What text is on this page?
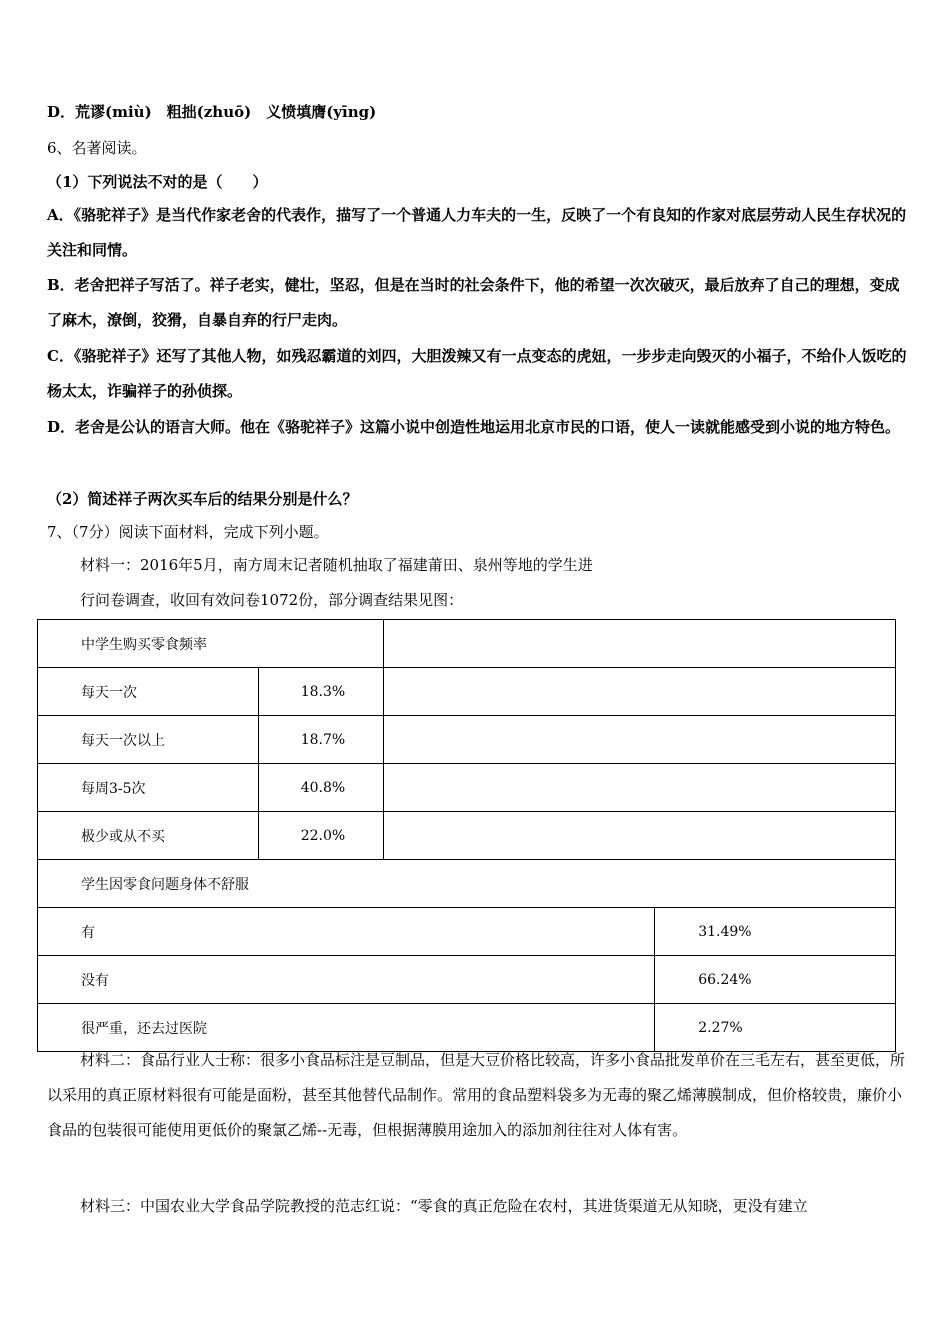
D．荒谬(miù)　粗拙(zhuō)　义愤填膺(yīng)
6、名著阅读。
（1）下列说法不对的是（　　）
A．《骆驼祥子》是当代作家老舍的代表作，描写了一个普通人力车夫的一生，反映了一个有良知的作家对底层劳动人民生存状况的关注和同情。
B．老舍把祥子写活了。祥子老实，健壮，坚忍，但是在当时的社会条件下，他的希望一次次破灭，最后放弃了自己的理想，变成了麻木，潦倒，狡猾，自暴自弃的行尸走肉。
C．《骆驼祥子》还写了其他人物，如残忍霸道的刘四，大胆泼辣又有一点变态的虎妞，一步步走向毁灭的小福子，不给仆人饭吃的杨太太，诈骗祥子的孙侦探。
D．老舍是公认的语言大师。他在《骆驼祥子》这篇小说中创造性地运用北京市民的口语，使人一读就能感受到小说的地方特色。
（2）简述祥子两次买车后的结果分别是什么？
7、（7分）阅读下面材料，完成下列小题。
材料一：2016年5月，南方周末记者随机抽取了福建莆田、泉州等地的学生进
行问卷调查，收回有效问卷1072份，部分调查结果见图：
中学生购买零食频率			
每天一次	18.3%		
每天一次以上	18.7%		
每周3-5次	40.8%		
极少或从不买	22.0%		
学生因零食问题身体不舒服			
有			31.49%
没有			66.24%
很严重，还去过医院			2.27%
材料二：食品行业人士称：很多小食品标注是豆制品，但是大豆价格比较高，许多小食品批发单价在三毛左右，甚至更低，所以采用的真正原材料很有可能是面粉，甚至其他替代品制作。常用的食品塑料袋多为无毒的聚乙烯薄膜制成，但价格较贵，廉价小食品的包装很可能使用更低价的聚氯乙烯--无毒，但根据薄膜用途加入的添加剂往往对人体有害。
材料三：中国农业大学食品学院教授的范志红说：“零食的真正危险在农村，其进货渠道无从知晓，更没有建立
